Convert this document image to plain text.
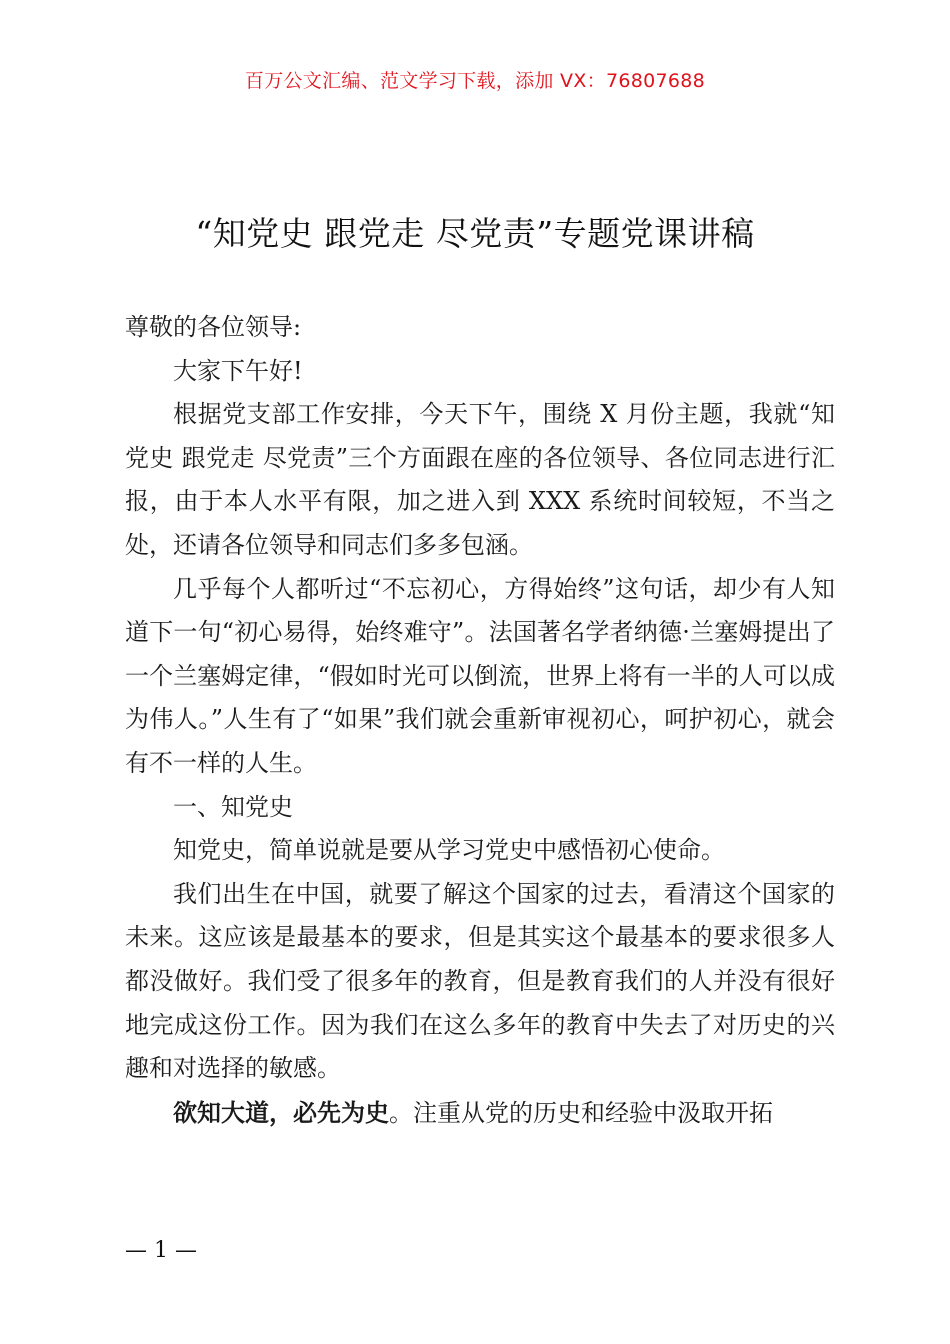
百万公文汇编、范文学习下载，添加 VX：76807688
“知党史 跟党走 尽党责”专题党课讲稿

尊敬的各位领导:

大家下午好!

根据党支部工作安排，今天下午，围绕 X 月份主题，我就“知党史 跟党走 尽党责”三个方面跟在座的各位领导、各位同志进行汇报，由于本人水平有限，加之进入到 XXX 系统时间较短，不当之处，还请各位领导和同志们多多包涵。

几乎每个人都听过“不忘初心，方得始终”这句话，却少有人知道下一句“初心易得，始终难守”。法国著名学者纳德·兰塞姆提出了一个兰塞姆定律，“假如时光可以倒流，世界上将有一半的人可以成为伟人。”人生有了“如果”我们就会重新审视初心，呵护初心，就会有不一样的人生。

一、知党史

知党史，简单说就是要从学习党史中感悟初心使命。

我们出生在中国，就要了解这个国家的过去，看清这个国家的未来。这应该是最基本的要求，但是其实这个最基本的要求很多人都没做好。我们受了很多年的教育，但是教育我们的人并没有很好地完成这份工作。因为我们在这么多年的教育中失去了对历史的兴趣和对选择的敏感。

欲知大道，必先为史。注重从党的历史和经验中汲取开拓

— 1 —
